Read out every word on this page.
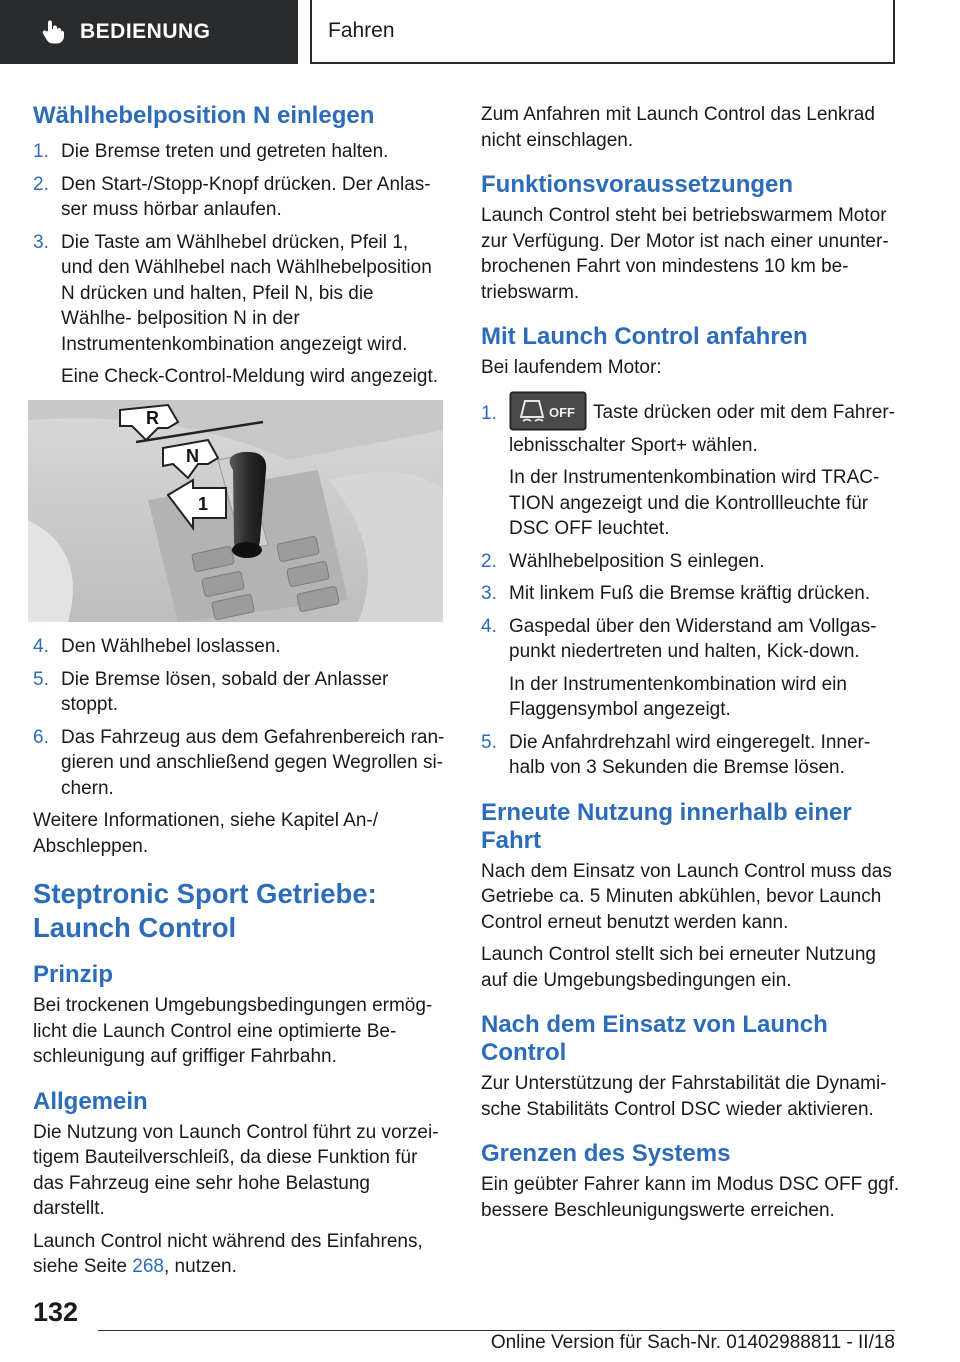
BEDIENUNG	Fahren
Wählhebelposition N einlegen
1. Die Bremse treten und getreten halten.
2. Den Start-/Stopp-Knopf drücken. Der Anlas- ser muss hörbar anlaufen.
3. Die Taste am Wählhebel drücken, Pfeil 1, und den Wählhebel nach Wählhebelposition N drücken und halten, Pfeil N, bis die Wählhe- belposition N in der Instrumentenkombination angezeigt wird.

Eine Check-Control-Meldung wird angezeigt.

R
N
1
4. Den Wählhebel loslassen.
5. Die Bremse lösen, sobald der Anlasser stoppt.
6. Das Fahrzeug aus dem Gefahrenbereich ran- gieren und anschließend gegen Wegrollen si- chern.

Weitere Informationen, siehe Kapitel An-/ Abschleppen.

Steptronic Sport Getriebe: Launch Control
Prinzip

Bei trockenen Umgebungsbedingungen ermög- licht die Launch Control eine optimierte Be- schleunigung auf griffiger Fahrbahn.

Allgemein

Die Nutzung von Launch Control führt zu vorzei- tigem Bauteilverschleiß, da diese Funktion für das Fahrzeug eine sehr hohe Belastung darstellt.

Launch Control nicht während des Einfahrens, siehe Seite 268, nutzen.

Zum Anfahren mit Launch Control das Lenkrad nicht einschlagen.

Funktionsvoraussetzungen

Launch Control steht bei betriebswarmem Motor zur Verfügung. Der Motor ist nach einer ununter- brochenen Fahrt von mindestens 10 km be- triebswarm.

Mit Launch Control anfahren

Bei laufendem Motor:

1.	OFF Taste drücken oder mit dem Fahrer- lebnisschalter Sport+ wählen.

In der Instrumentenkombination wird TRAC- TION angezeigt und die Kontrollleuchte für DSC OFF leuchtet.

2. Wählhebelposition S einlegen.
3. Mit linkem Fuß die Bremse kräftig drücken.
4. Gaspedal über den Widerstand am Vollgas- punkt niedertreten und halten, Kick-down.

In der Instrumentenkombination wird ein Flaggensymbol angezeigt.

5. Die Anfahrdrehzahl wird eingeregelt. Inner- halb von 3 Sekunden die Bremse lösen.
Erneute Nutzung innerhalb einer Fahrt

Nach dem Einsatz von Launch Control muss das Getriebe ca. 5 Minuten abkühlen, bevor Launch Control erneut benutzt werden kann.

Launch Control stellt sich bei erneuter Nutzung auf die Umgebungsbedingungen ein.

Nach dem Einsatz von Launch Control

Zur Unterstützung der Fahrstabilität die Dynami- sche Stabilitäts Control DSC wieder aktivieren.

Grenzen des Systems

Ein geübter Fahrer kann im Modus DSC OFF ggf. bessere Beschleunigungswerte erreichen.

132
Online Version für Sach-Nr. 01402988811 - II/18
